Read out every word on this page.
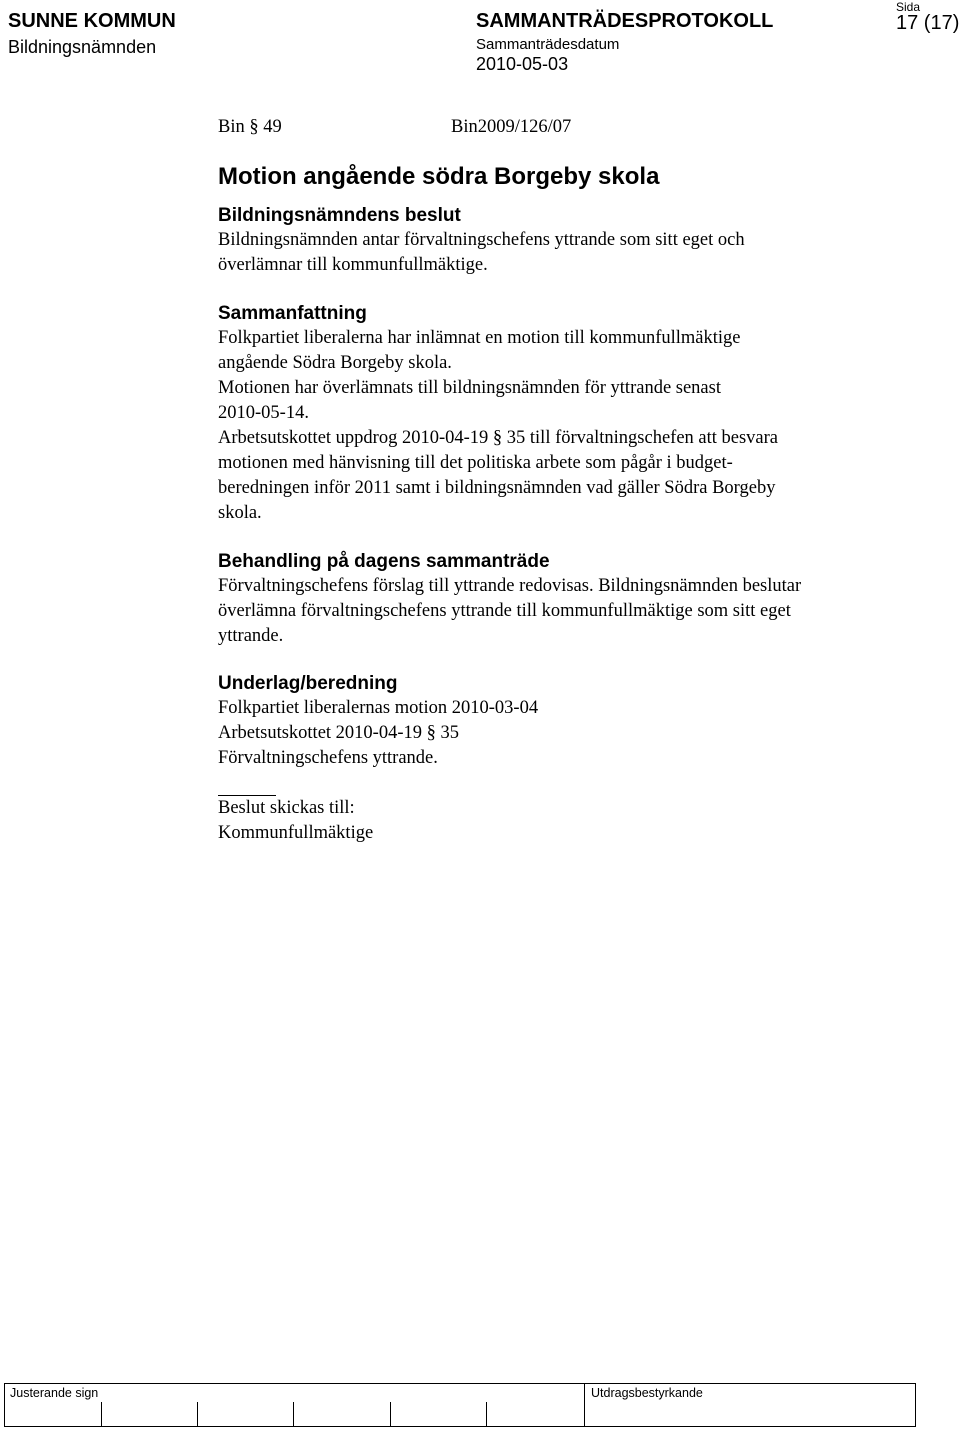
SUNNE KOMMUN
Bildningsnämnden
SAMMANTRÄDESPROTOKOLL
Sammanträdesdatum
2010-05-03
Sida
17 (17)
Bin § 49	Bin2009/126/07
Motion angående södra Borgeby skola
Bildningsnämndens beslut
Bildningsnämnden antar förvaltningschefens yttrande som sitt eget och
överlämnar till kommunfullmäktige.
Sammanfattning
Folkpartiet liberalerna har inlämnat en motion till kommunfullmäktige
angående Södra Borgeby skola.
Motionen har överlämnats till bildningsnämnden för yttrande senast
2010-05-14.
Arbetsutskottet uppdrog 2010-04-19 § 35 till förvaltningschefen att besvara
motionen med hänvisning till det politiska arbete som pågår i budget-
beredningen inför 2011 samt i bildningsnämnden vad gäller Södra Borgeby
skola.
Behandling på dagens sammanträde
Förvaltningschefens förslag till yttrande redovisas. Bildningsnämnden beslutar
överlämna förvaltningschefens yttrande till kommunfullmäktige som sitt eget
yttrande.
Underlag/beredning
Folkpartiet liberalernas motion 2010-03-04
Arbetsutskottet 2010-04-19 § 35
Förvaltningschefens yttrande.
Beslut skickas till:
Kommunfullmäktige
Justerande sign	Utdragsbestyrkande
